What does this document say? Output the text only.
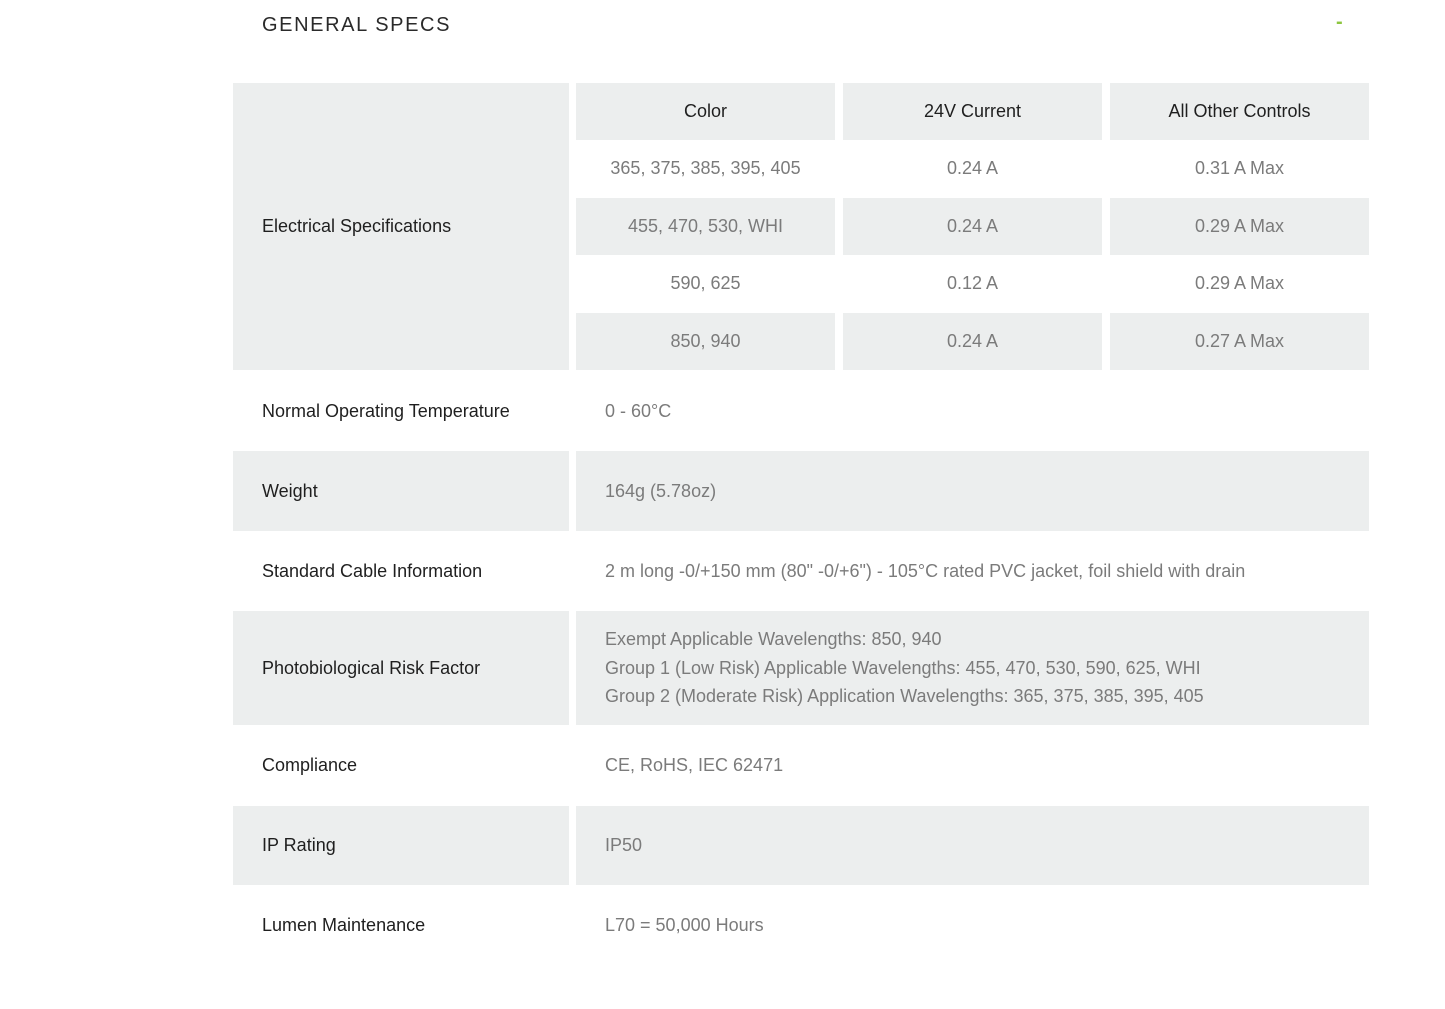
GENERAL SPECS	-
Electrical Specifications
Color	24V Current	All Other Controls
365, 375, 385, 395, 405	0.24 A	0.31 A Max
455, 470, 530, WHI	0.24 A	0.29 A Max
590, 625	0.12 A	0.29 A Max
850, 940	0.24 A	0.27 A Max
Normal Operating Temperature	0 - 60°C
Weight	164g (5.78oz)
Standard Cable Information	2 m long -0/+150 mm (80" -0/+6") - 105°C rated PVC jacket, foil shield with drain
Photobiological Risk Factor
Exempt Applicable Wavelengths: 850, 940
Group 1 (Low Risk) Applicable Wavelengths: 455, 470, 530, 590, 625, WHI
Group 2 (Moderate Risk) Application Wavelengths: 365, 375, 385, 395, 405
Compliance	CE, RoHS, IEC 62471
IP Rating	IP50
Lumen Maintenance	L70 = 50,000 Hours
